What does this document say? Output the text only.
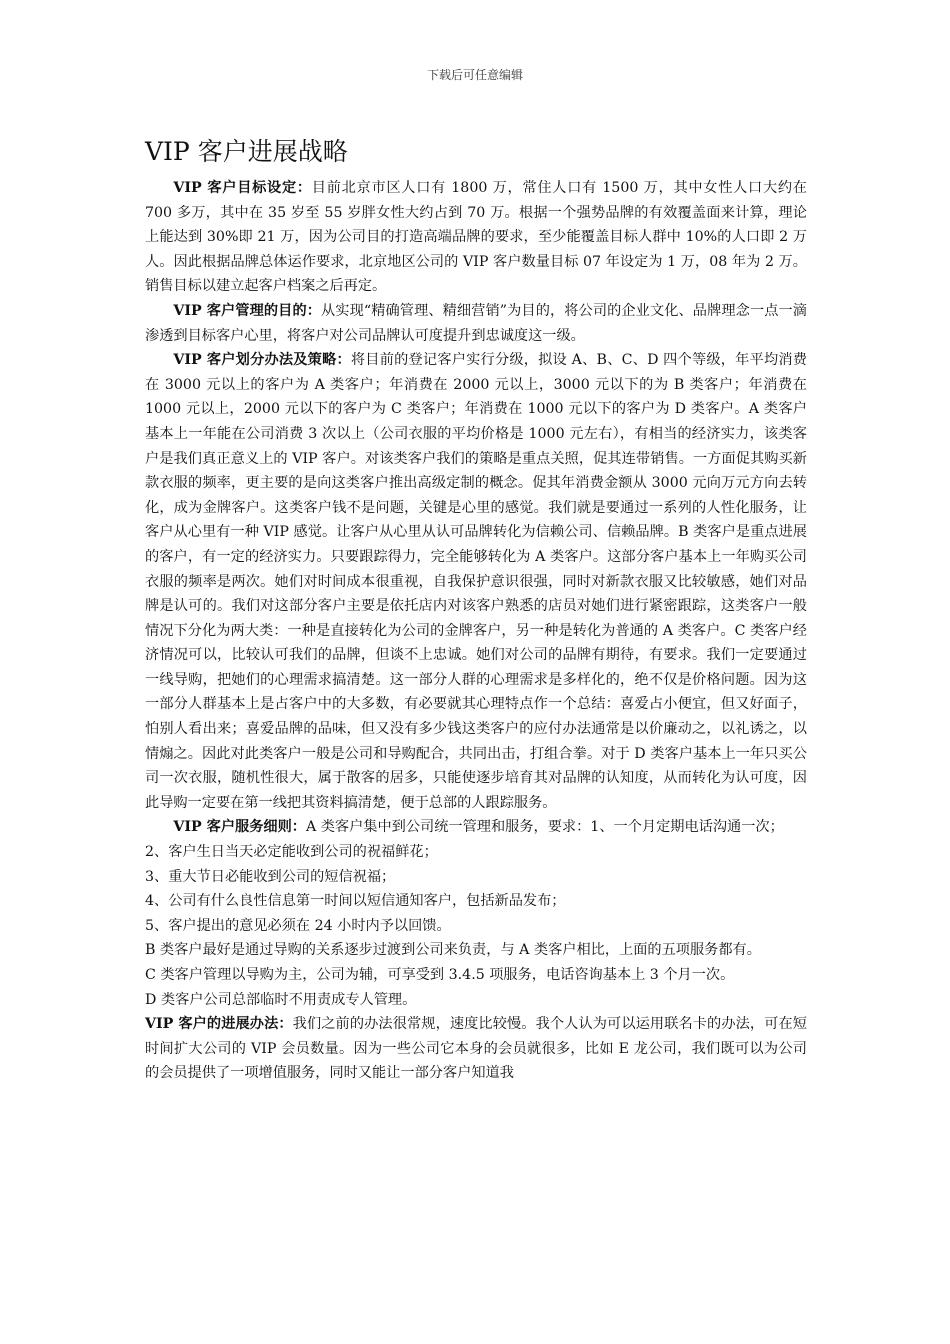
下载后可任意编辑
VIP 客户进展战略

VIP 客户目标设定：目前北京市区人口有 1800 万，常住人口有 1500 万，其中女性人口大约在 700 多万，其中在 35 岁至 55 岁胖女性大约占到 70 万。根据一个强势品牌的有效覆盖面来计算，理论上能达到 30%即 21 万，因为公司目的打造高端品牌的要求，至少能覆盖目标人群中 10%的人口即 2 万人。因此根据品牌总体运作要求，北京地区公司的 VIP 客户数量目标 07 年设定为 1 万，08 年为 2 万。销售目标以建立起客户档案之后再定。

VIP 客户管理的目的：从实现“精确管理、精细营销”为目的，将公司的企业文化、品牌理念一点一滴渗透到目标客户心里，将客户对公司品牌认可度提升到忠诚度这一级。

VIP 客户划分办法及策略：将目前的登记客户实行分级，拟设 A、B、C、D 四个等级，年平均消费在 3000 元以上的客户为 A 类客户；年消费在 2000 元以上，3000 元以下的为 B 类客户；年消费在 1000 元以上，2000 元以下的客户为 C 类客户；年消费在 1000 元以下的客户为 D 类客户。A 类客户基本上一年能在公司消费 3 次以上（公司衣服的平均价格是 1000 元左右），有相当的经济实力，该类客户是我们真正意义上的 VIP 客户。对该类客户我们的策略是重点关照，促其连带销售。一方面促其购买新款衣服的频率，更主要的是向这类客户推出高级定制的概念。促其年消费金额从 3000 元向万元方向去转化，成为金牌客户。这类客户钱不是问题，关键是心里的感觉。我们就是要通过一系列的人性化服务，让客户从心里有一种 VIP 感觉。让客户从心里从认可品牌转化为信赖公司、信赖品牌。B 类客户是重点进展的客户，有一定的经济实力。只要跟踪得力，完全能够转化为 A 类客户。这部分客户基本上一年购买公司衣服的频率是两次。她们对时间成本很重视，自我保护意识很强，同时对新款衣服又比较敏感，她们对品牌是认可的。我们对这部分客户主要是依托店内对该客户熟悉的店员对她们进行紧密跟踪，这类客户一般情况下分化为两大类：一种是直接转化为公司的金牌客户，另一种是转化为普通的 A 类客户。C 类客户经济情况可以，比较认可我们的品牌，但谈不上忠诚。她们对公司的品牌有期待，有要求。我们一定要通过一线导购，把她们的心理需求搞清楚。这一部分人群的心理需求是多样化的，绝不仅是价格问题。因为这一部分人群基本上是占客户中的大多数，有必要就其心理特点作一个总结：喜爱占小便宜，但又好面子，怕别人看出来；喜爱品牌的品味，但又没有多少钱这类客户的应付办法通常是以价廉动之，以礼诱之，以情煽之。因此对此类客户一般是公司和导购配合，共同出击，打组合拳。对于 D 类客户基本上一年只买公司一次衣服，随机性很大，属于散客的居多，只能使逐步培育其对品牌的认知度，从而转化为认可度，因此导购一定要在第一线把其资料搞清楚，便于总部的人跟踪服务。

VIP 客户服务细则：A 类客户集中到公司统一管理和服务，要求：1、一个月定期电话沟通一次；

2、客户生日当天必定能收到公司的祝福鲜花；

3、重大节日必能收到公司的短信祝福；

4、公司有什么良性信息第一时间以短信通知客户，包括新品发布；

5、客户提出的意见必须在 24 小时内予以回馈。

B 类客户最好是通过导购的关系逐步过渡到公司来负责，与 A 类客户相比，上面的五项服务都有。

C 类客户管理以导购为主，公司为辅，可享受到 3.4.5 项服务，电话咨询基本上 3 个月一次。

D 类客户公司总部临时不用责成专人管理。

VIP 客户的进展办法：我们之前的办法很常规，速度比较慢。我个人认为可以运用联名卡的办法，可在短时间扩大公司的 VIP 会员数量。因为一些公司它本身的会员就很多，比如 E 龙公司，我们既可以为公司的会员提供了一项增值服务，同时又能让一部分客户知道我
